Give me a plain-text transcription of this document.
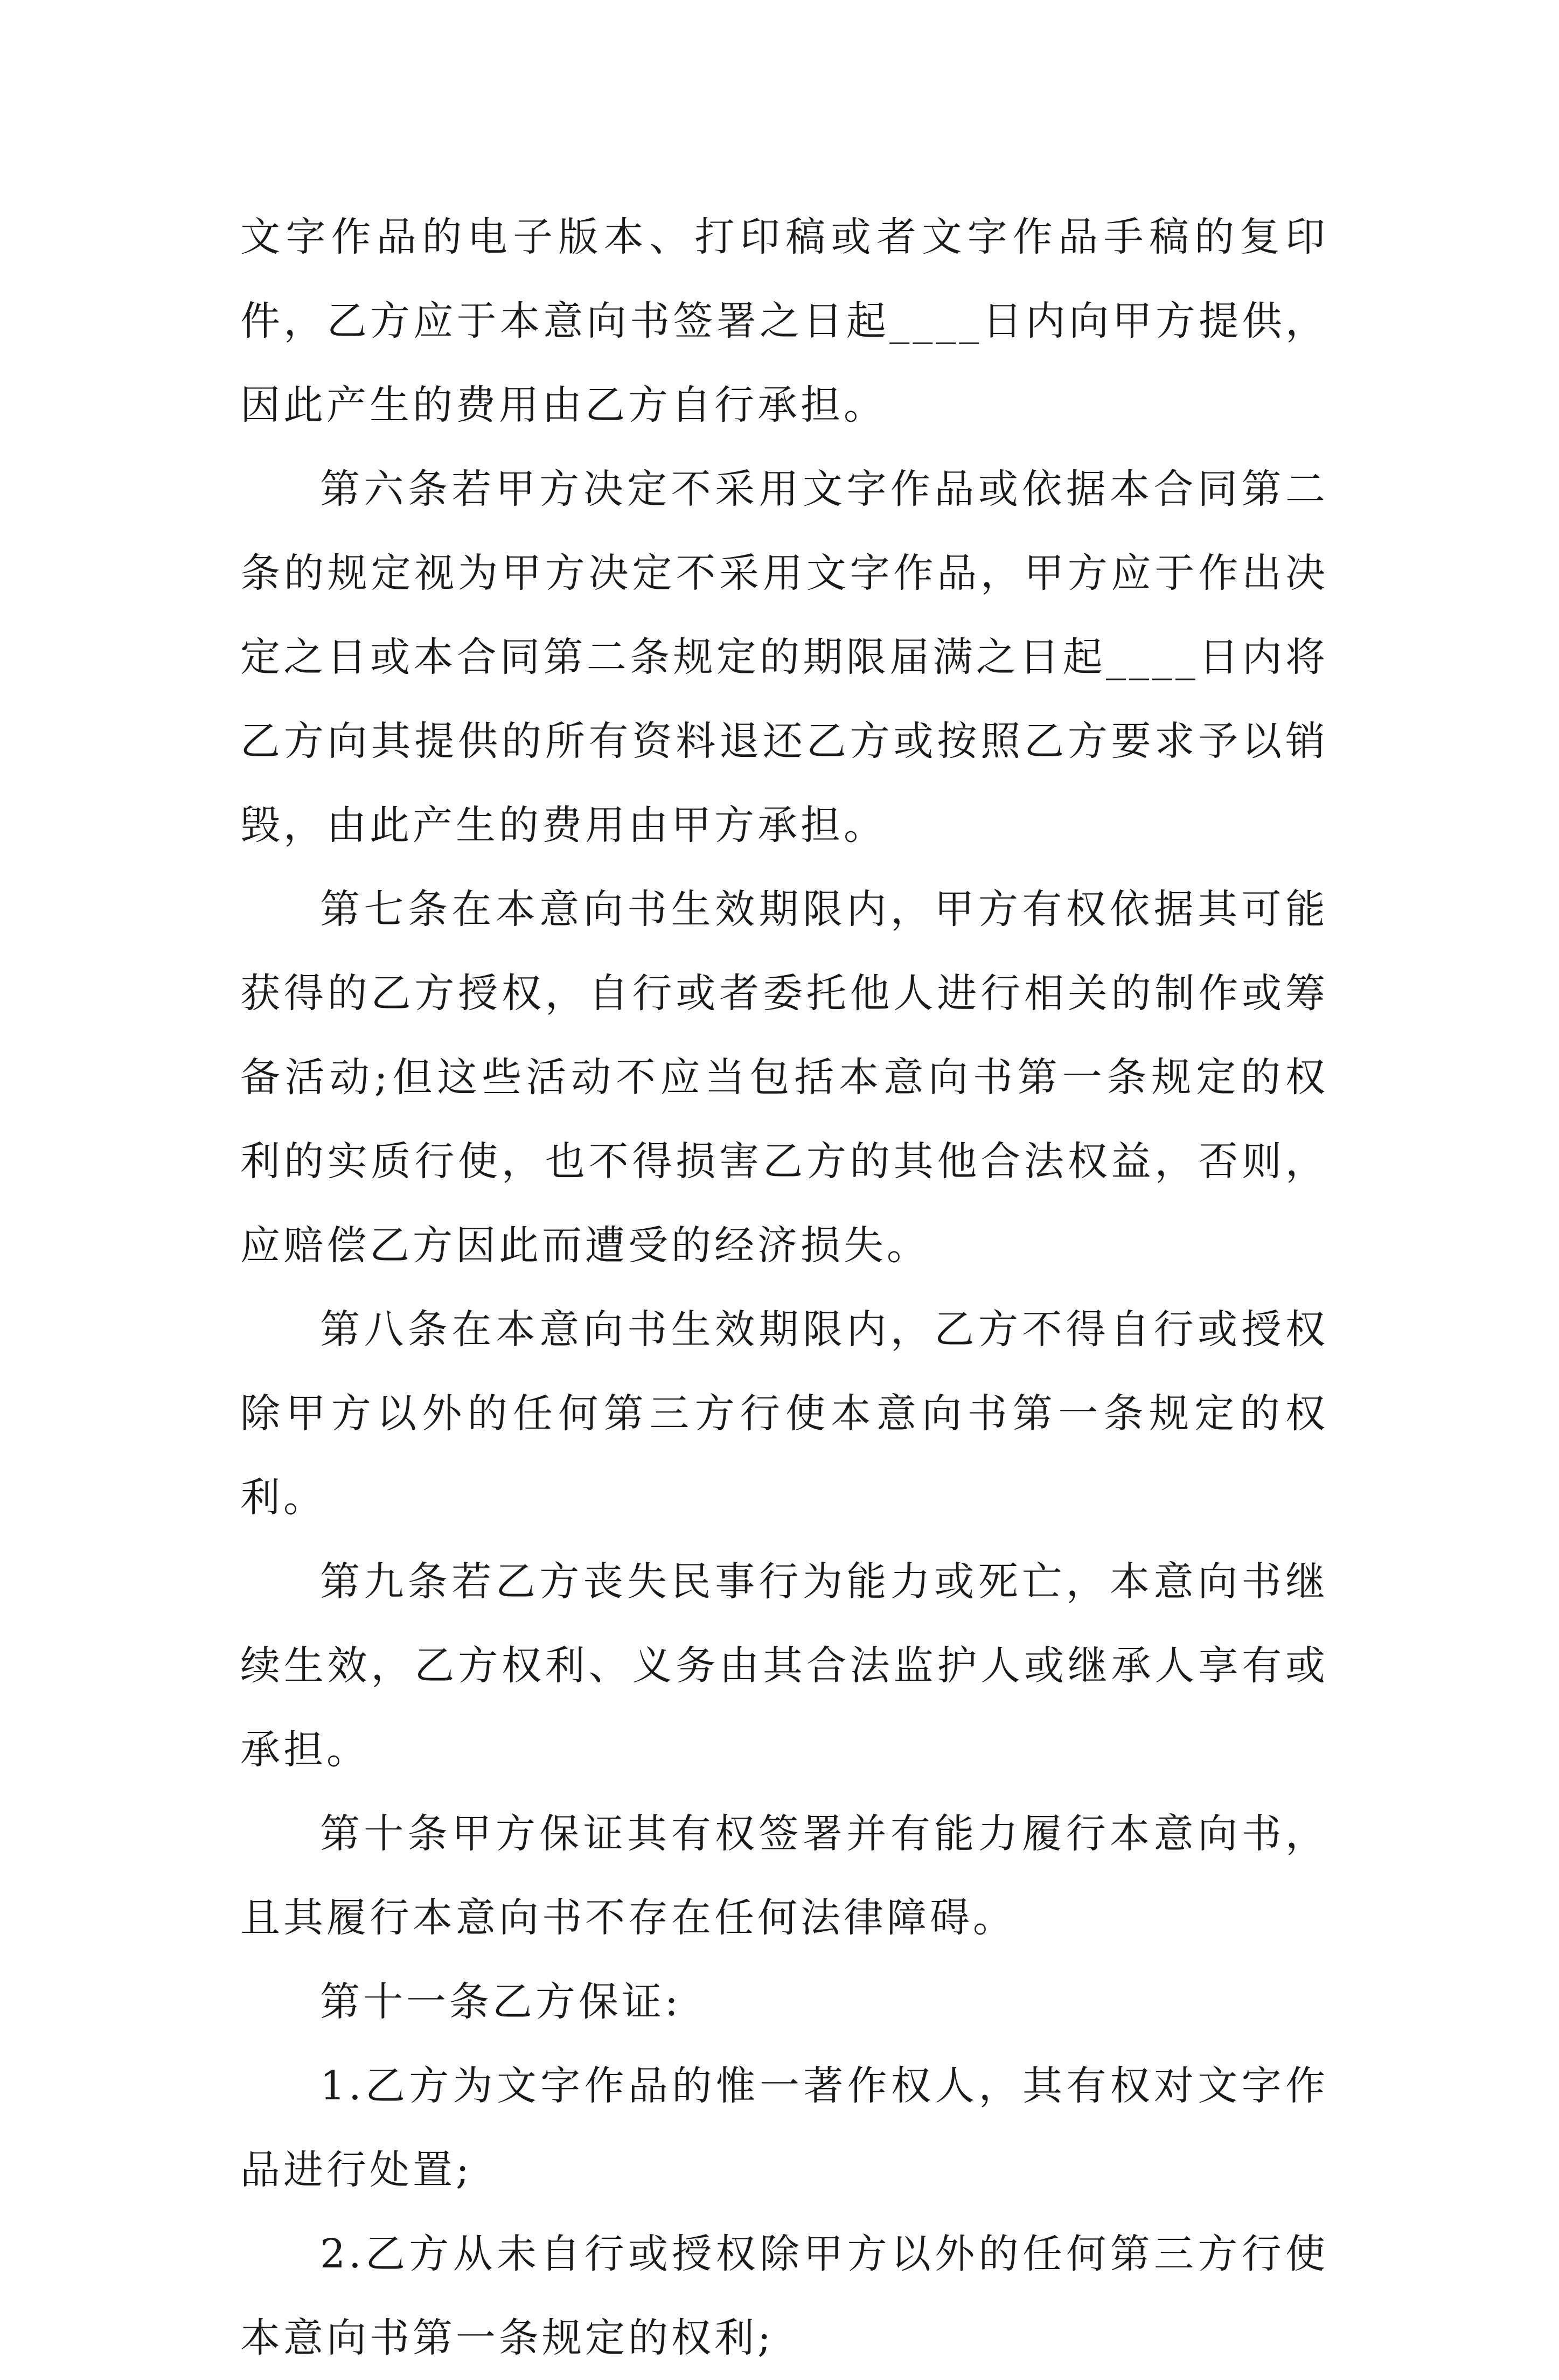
文字作品的电子版本、打印稿或者文字作品手稿的复印件，乙方应于本意向书签署之日起____日内向甲方提供，因此产生的费用由乙方自行承担。

第六条若甲方决定不采用文字作品或依据本合同第二条的规定视为甲方决定不采用文字作品，甲方应于作出决定之日或本合同第二条规定的期限届满之日起____日内将乙方向其提供的所有资料退还乙方或按照乙方要求予以销毁，由此产生的费用由甲方承担。

第七条在本意向书生效期限内，甲方有权依据其可能获得的乙方授权，自行或者委托他人进行相关的制作或筹备活动;但这些活动不应当包括本意向书第一条规定的权利的实质行使，也不得损害乙方的其他合法权益，否则，应赔偿乙方因此而遭受的经济损失。

第八条在本意向书生效期限内，乙方不得自行或授权除甲方以外的任何第三方行使本意向书第一条规定的权利。

第九条若乙方丧失民事行为能力或死亡，本意向书继续生效，乙方权利、义务由其合法监护人或继承人享有或承担。

第十条甲方保证其有权签署并有能力履行本意向书，且其履行本意向书不存在任何法律障碍。

第十一条乙方保证:

1.乙方为文字作品的惟一著作权人，其有权对文字作品进行处置;

2.乙方从未自行或授权除甲方以外的任何第三方行使本意向书第一条规定的权利;
